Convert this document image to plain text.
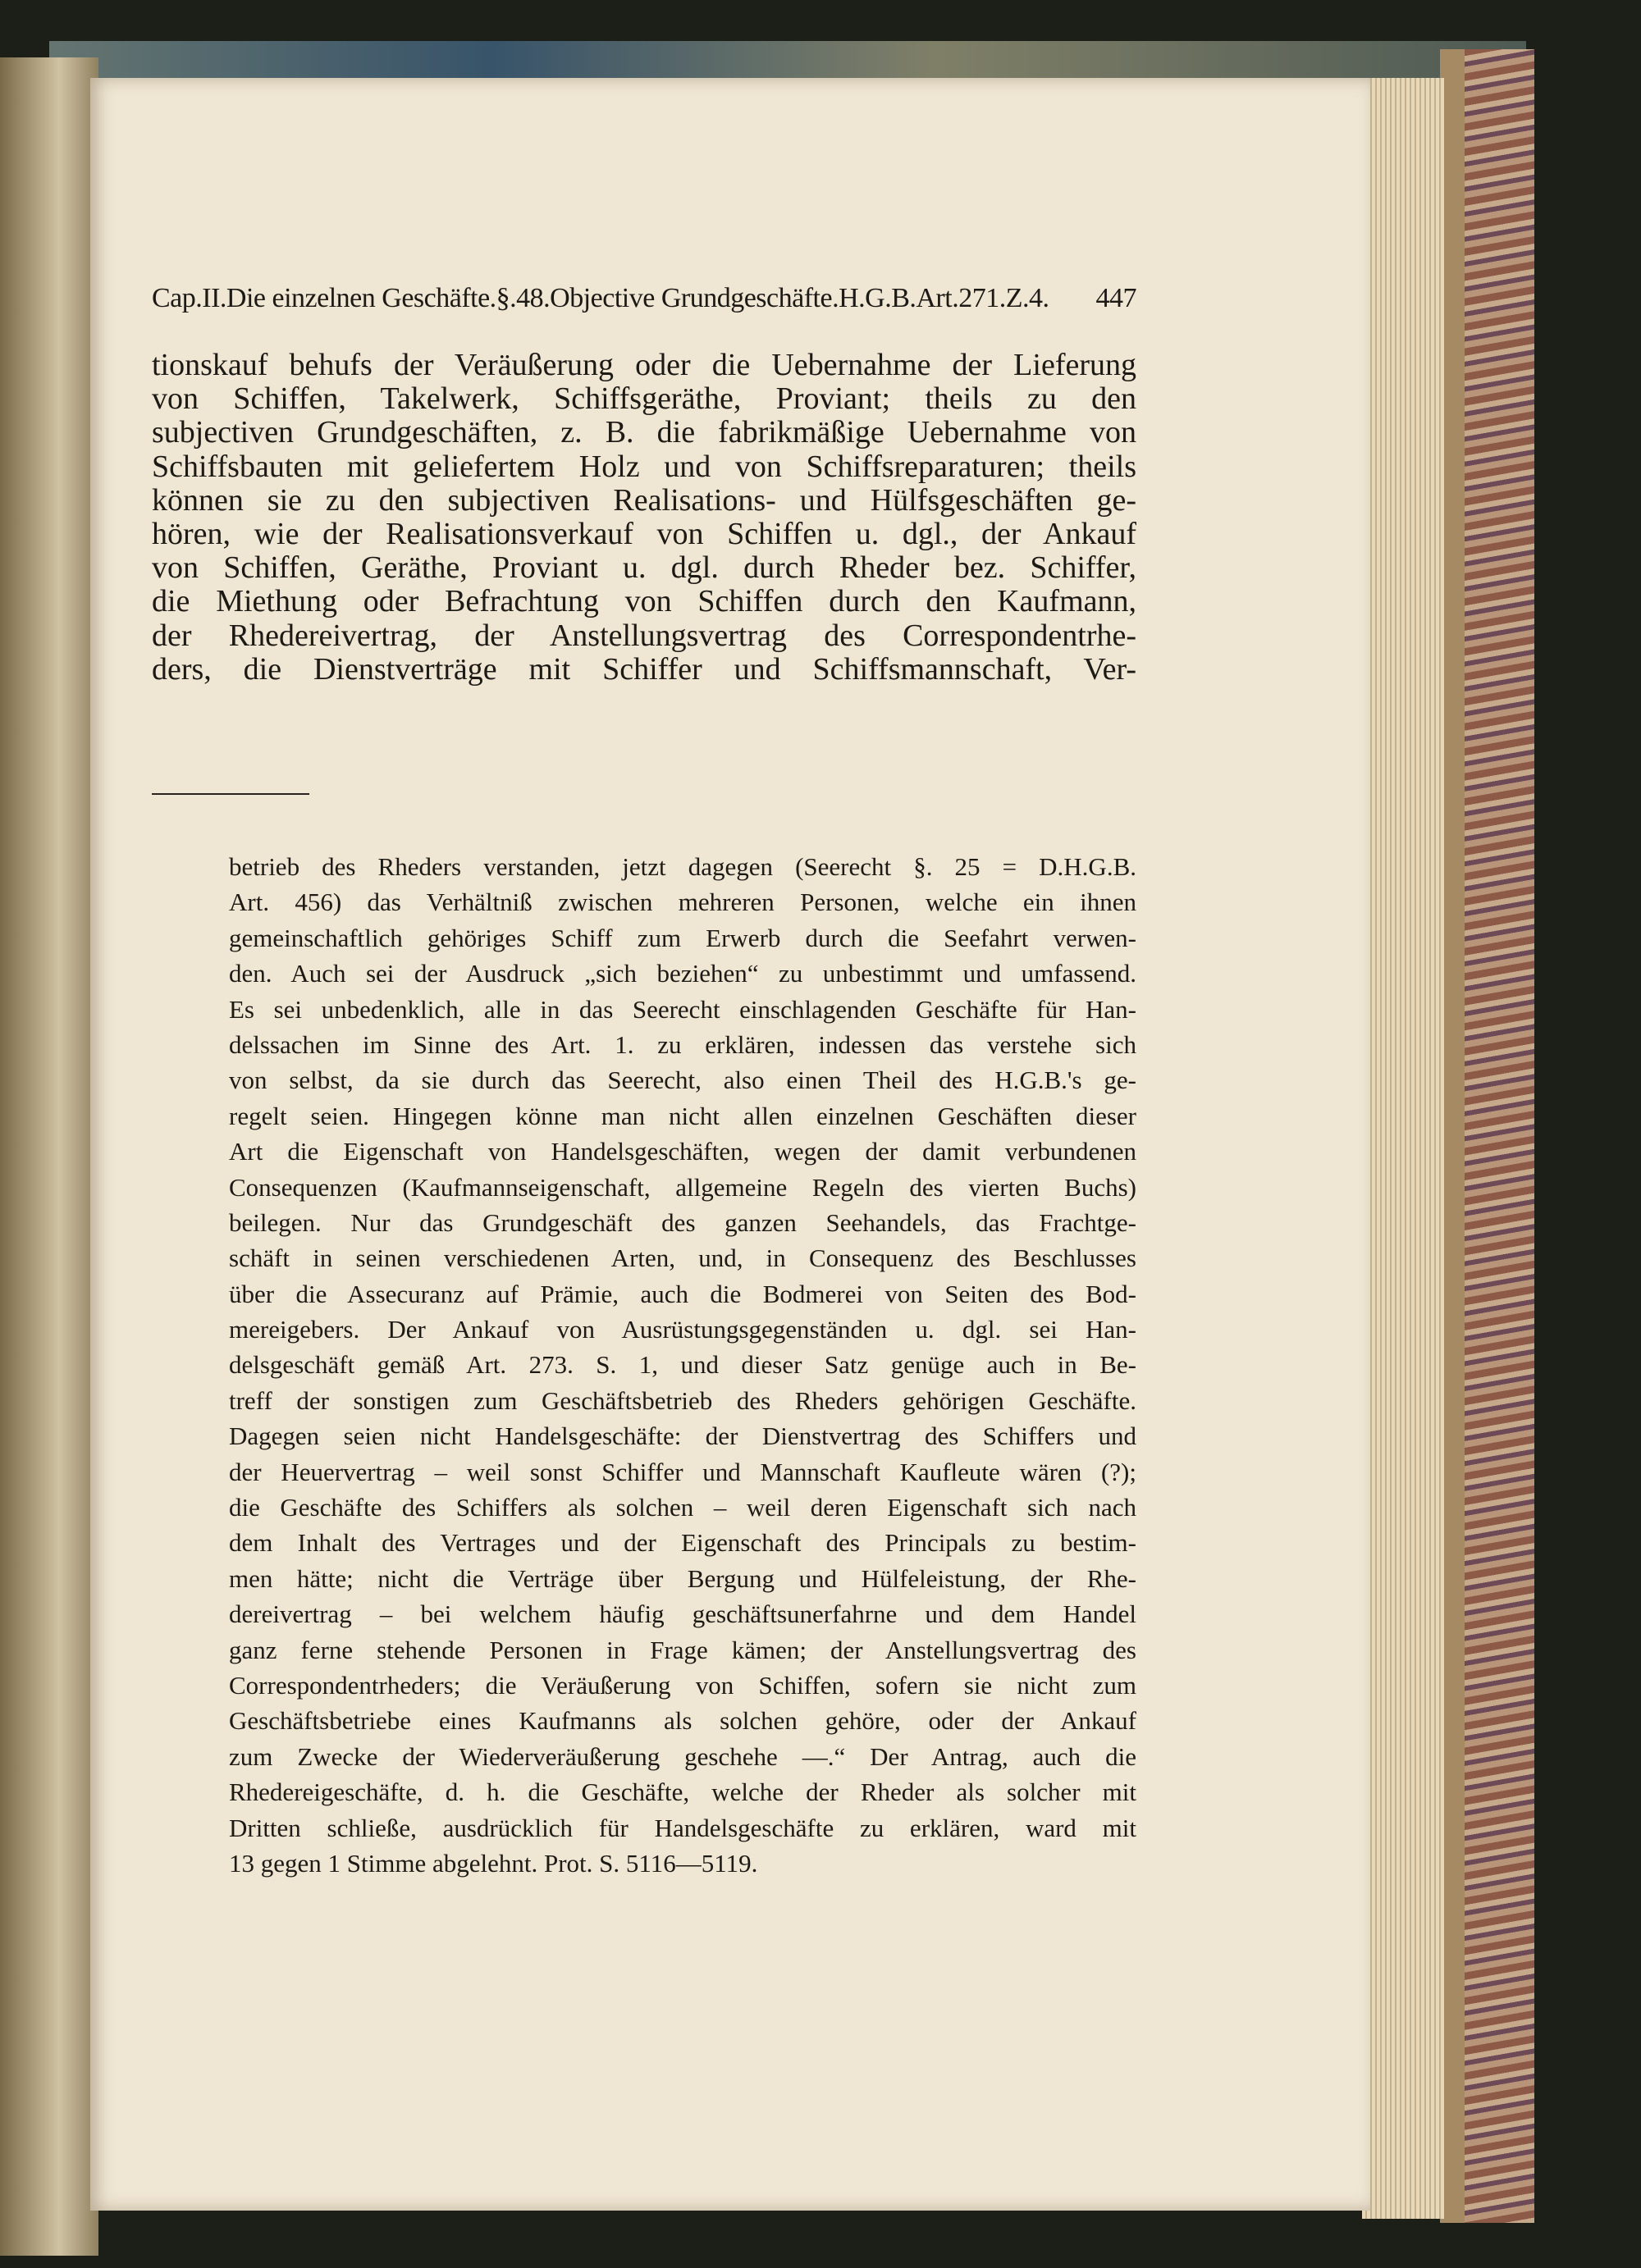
Cap.II.Die einzelnen Geschäfte.§.48.Objective Grundgeschäfte.H.G.B.Art.271.Z.4. 447
tionskauf behufs der Veräußerung oder die Uebernahme der Lieferung
von Schiffen, Takelwerk, Schiffsgeräthe, Proviant; theils zu den
subjectiven Grundgeschäften, z. B. die fabrikmäßige Uebernahme von
Schiffsbauten mit geliefertem Holz und von Schiffsreparaturen; theils
können sie zu den subjectiven Realisations- und Hülfsgeschäften ge-
hören, wie der Realisationsverkauf von Schiffen u. dgl., der Ankauf
von Schiffen, Geräthe, Proviant u. dgl. durch Rheder bez. Schiffer,
die Miethung oder Befrachtung von Schiffen durch den Kaufmann,
der Rhedereivertrag, der Anstellungsvertrag des Correspondentrhe-
ders, die Dienstverträge mit Schiffer und Schiffsmannschaft, Ver-
betrieb des Rheders verstanden, jetzt dagegen (Seerecht §. 25 = D.H.G.B.
Art. 456) das Verhältniß zwischen mehreren Personen, welche ein ihnen
gemeinschaftlich gehöriges Schiff zum Erwerb durch die Seefahrt verwen-
den. Auch sei der Ausdruck „sich beziehen“ zu unbestimmt und umfassend.
Es sei unbedenklich, alle in das Seerecht einschlagenden Geschäfte für Han-
delssachen im Sinne des Art. 1. zu erklären, indessen das verstehe sich
von selbst, da sie durch das Seerecht, also einen Theil des H.G.B.'s ge-
regelt seien. Hingegen könne man nicht allen einzelnen Geschäften dieser
Art die Eigenschaft von Handelsgeschäften, wegen der damit verbundenen
Consequenzen (Kaufmannseigenschaft, allgemeine Regeln des vierten Buchs)
beilegen. Nur das Grundgeschäft des ganzen Seehandels, das Frachtge-
schäft in seinen verschiedenen Arten, und, in Consequenz des Beschlusses
über die Assecuranz auf Prämie, auch die Bodmerei von Seiten des Bod-
mereigebers. Der Ankauf von Ausrüstungsgegenständen u. dgl. sei Han-
delsgeschäft gemäß Art. 273. S. 1, und dieser Satz genüge auch in Be-
treff der sonstigen zum Geschäftsbetrieb des Rheders gehörigen Geschäfte.
Dagegen seien nicht Handelsgeschäfte: der Dienstvertrag des Schiffers und
der Heuervertrag – weil sonst Schiffer und Mannschaft Kaufleute wären (?);
die Geschäfte des Schiffers als solchen – weil deren Eigenschaft sich nach
dem Inhalt des Vertrages und der Eigenschaft des Principals zu bestim-
men hätte; nicht die Verträge über Bergung und Hülfeleistung, der Rhe-
dereivertrag – bei welchem häufig geschäftsunerfahrne und dem Handel
ganz ferne stehende Personen in Frage kämen; der Anstellungsvertrag des
Correspondentrheders; die Veräußerung von Schiffen, sofern sie nicht zum
Geschäftsbetriebe eines Kaufmanns als solchen gehöre, oder der Ankauf
zum Zwecke der Wiederveräußerung geschehe —.“ Der Antrag, auch die
Rhedereigeschäfte, d. h. die Geschäfte, welche der Rheder als solcher mit
Dritten schließe, ausdrücklich für Handelsgeschäfte zu erklären, ward mit
13 gegen 1 Stimme abgelehnt. Prot. S. 5116—5119.
